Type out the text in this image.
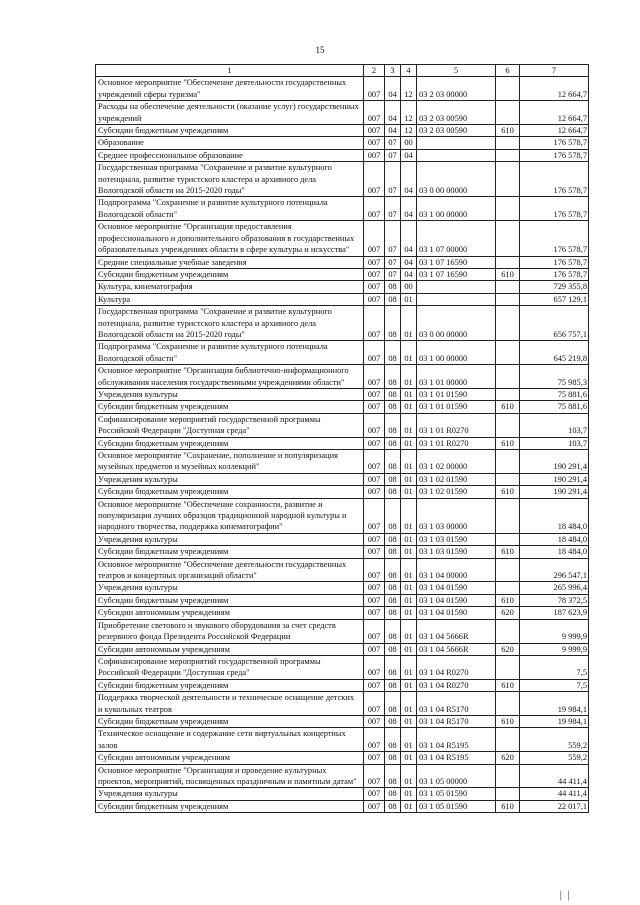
15
1	2	3	4	5	6	7
Основное мероприятие "Обеспечение деятельности государственных учреждений сферы туризма"	007	04	12	03 2 03 00000		12 664,7
Расходы на обеспечение деятельности (оказание услуг) государственных учреждений	007	04	12	03 2 03 00590		12 664,7
Субсидии бюджетным учреждениям	007	04	12	03 2 03 00590	610	12 664,7
Образование	007	07	00			176 578,7
Среднее профессиональное образование	007	07	04			176 578,7
Государственная программа "Сохранение и развитие культурного потенциала, развитие туристского кластера и архивного дела Вологодской области на 2015-2020 годы"	007	07	04	03 0 00 00000		176 578,7
Подпрограмма "Сохранение и развитие культурного потенциала Вологодской области"	007	07	04	03 1 00 00000		176 578,7
Основное мероприятие "Организация предоставления профессионального и дополнительного образования в государственных образовательных учреждениях области в сфере культуры и искусства"	007	07	04	03 1 07 00000		176 578,7
Средние специальные учебные заведения	007	07	04	03 1 07 16590		176 578,7
Субсидии бюджетным учреждениям	007	07	04	03 1 07 16590	610	176 578,7
Культура, кинематография	007	08	00			729 355,8
Культура	007	08	01			657 129,1
Государственная программа "Сохранение и развитие культурного потенциала, развитие туристского кластера и архивного дела Вологодской области на 2015-2020 годы"	007	08	01	03 0 00 00000		656 757,1
Подпрограмма "Сохранение и развитие культурного потенциала Вологодской области"	007	08	01	03 1 00 00000		645 219,8
Основное мероприятие "Организация библиотечно-информационного обслуживания населения государственными учреждениями области"	007	08	01	03 1 01 00000		75 985,3
Учреждения культуры	007	08	01	03 1 01 01590		75 881,6
Субсидии бюджетным учреждениям	007	08	01	03 1 01 01590	610	75 881,6
Софинансирование мероприятий государственной программы Российской Федерации "Доступная среда"	007	08	01	03 1 01 R0270		103,7
Субсидии бюджетным учреждениям	007	08	01	03 1 01 R0270	610	103,7
Основное мероприятие "Сохранение, пополнение и популяризация музейных предметов и музейных коллекций"	007	08	01	03 1 02 00000		190 291,4
Учреждения культуры	007	08	01	03 1 02 01590		190 291,4
Субсидии бюджетным учреждениям	007	08	01	03 1 02 01590	610	190 291,4
Основное мероприятие "Обеспечение сохранности, развитие и популяризация лучших образцов традиционной народной культуры и народного творчества, поддержка кинематографии"	007	08	01	03 1 03 00000		18 484,0
Учреждения культуры	007	08	01	03 1 03 01590		18 484,0
Субсидии бюджетным учреждениям	007	08	01	03 1 03 01590	610	18 484,0
Основное мероприятие "Обеспечение деятельности государственных театров и концертных организаций области"	007	08	01	03 1 04 00000		296 547,1
Учреждения культуры	007	08	01	03 1 04 01590		265 996,4
Субсидии бюджетным учреждениям	007	08	01	03 1 04 01590	610	78 372,5
Субсидии автономным учреждениям	007	08	01	03 1 04 01590	620	187 623,9
Приобретение светового и звукового оборудования за счет средств резервного фонда Президента Российской Федерации	007	08	01	03 1 04 5666R		9 999,9
Субсидии автономным учреждениям	007	08	01	03 1 04 5666R	620	9 999,9
Софинансирование мероприятий государственной программы Российской Федерации "Доступная среда"	007	08	01	03 1 04 R0270		7,5
Субсидии бюджетным учреждениям	007	08	01	03 1 04 R0270	610	7,5
Поддержка творческой деятельности и техническое оснащение детских и кукольных театров	007	08	01	03 1 04 R5170		19 984,1
Субсидии бюджетным учреждениям	007	08	01	03 1 04 R5170	610	19 984,1
Техническое оснащение и содержание сети виртуальных концертных залов	007	08	01	03 1 04 R5195		559,2
Субсидии автономным учреждениям	007	08	01	03 1 04 R5195	620	559,2
Основное мероприятие "Организация и проведение культурных проектов, мероприятий, посвященных праздничным и памятным датам"	007	08	01	03 1 05 00000		44 411,4
Учреждения культуры	007	08	01	03 1 05 01590		44 411,4
Субсидии бюджетным учреждениям	007	08	01	03 1 05 01590	610	22 017,1
│ │
